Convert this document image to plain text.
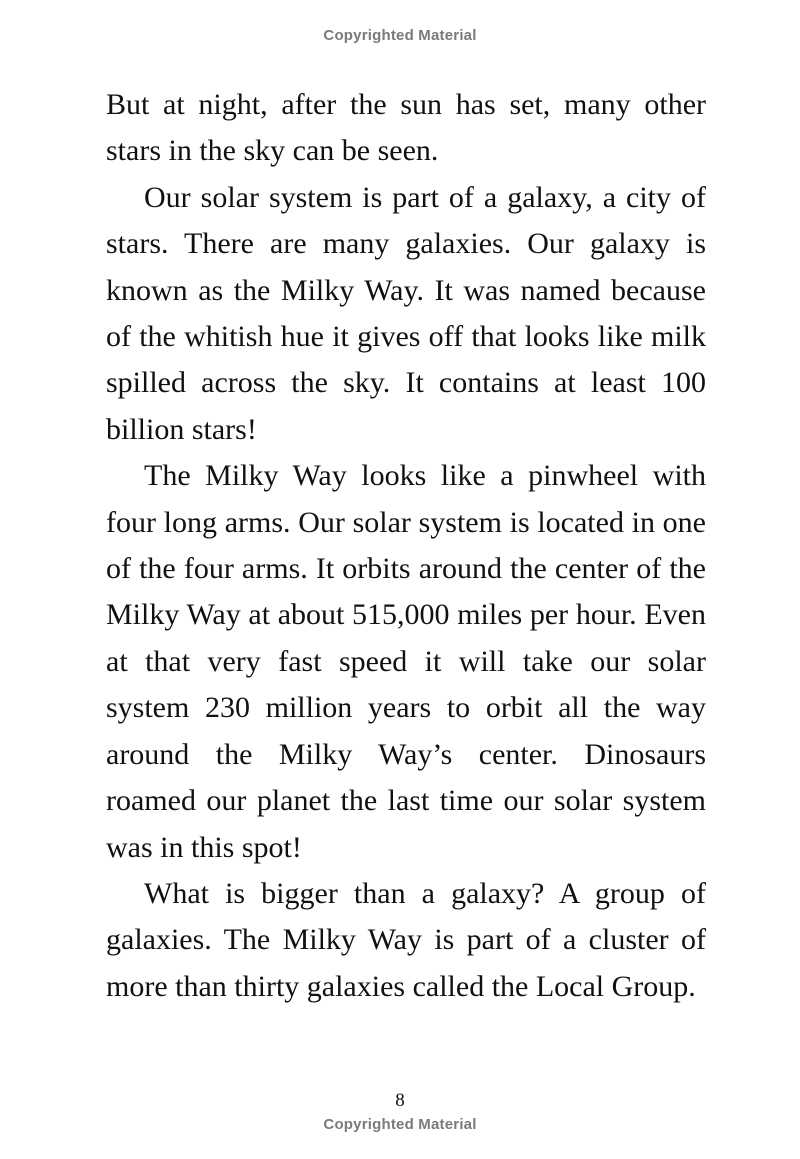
Copyrighted Material

But at night, after the sun has set, many other stars in the sky can be seen.

Our solar system is part of a galaxy, a city of stars. There are many galaxies. Our galaxy is known as the Milky Way. It was named because of the whitish hue it gives off that looks like milk spilled across the sky. It contains at least 100 billion stars!

The Milky Way looks like a pinwheel with four long arms. Our solar system is located in one of the four arms. It orbits around the center of the Milky Way at about 515,000 miles per hour. Even at that very fast speed it will take our solar system 230 million years to orbit all the way around the Milky Way’s center. Dinosaurs roamed our planet the last time our solar system was in this spot!

What is bigger than a galaxy? A group of galaxies. The Milky Way is part of a cluster of more than thirty galaxies called the Local Group.

8
Copyrighted Material
